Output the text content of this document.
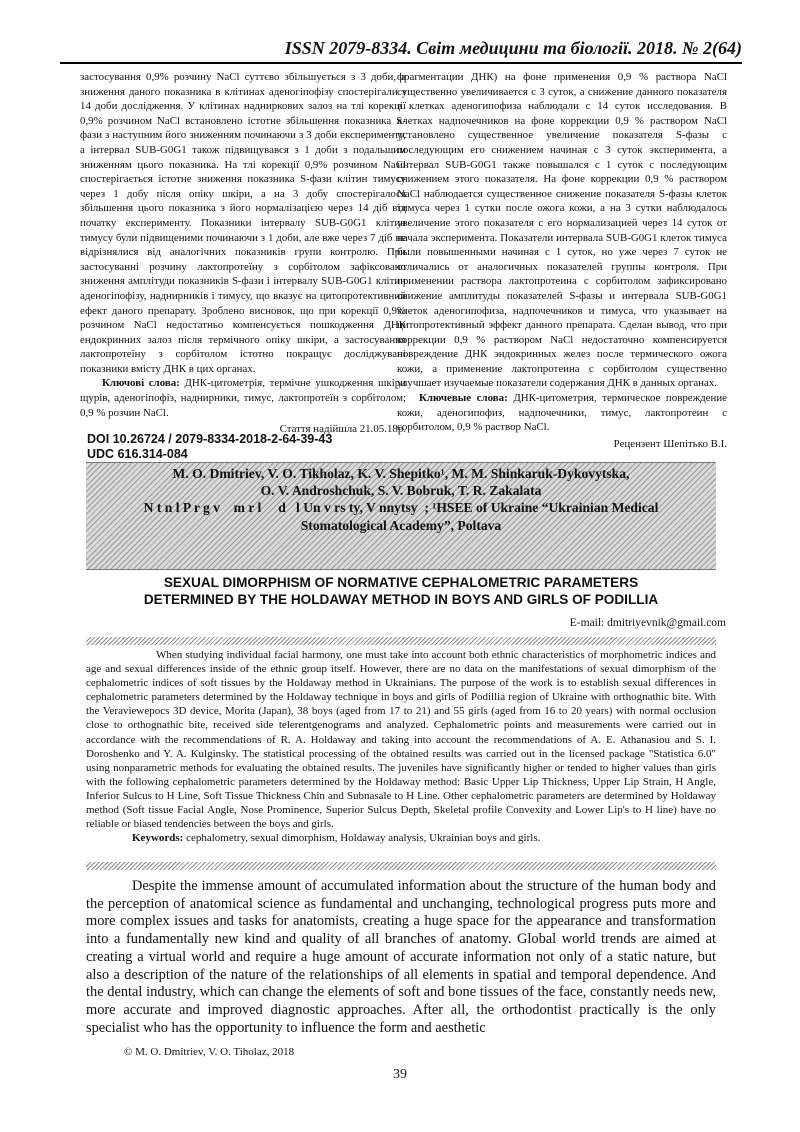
ISSN 2079-8334. Світ медицини та біології. 2018. № 2(64)

застосування 0,9% розчину NaCl суттєво збільшується з 3 доби, а зниження даного показника в клітинах аденогіпофізу спостерігали з 14 доби дослідження. У клітинах надниркових залоз на тлі корекції 0,9% розчином NaCl встановлено істотне збільшення показника S-фази з наступним його зниженням починаючи з 3 доби експерименту, а інтервал SUB-G0G1 також підвищувався з 1 доби з подальшим зниженням цього показника. На тлі корекції 0,9% розчином NaCl спостерігається істотне зниження показника S-фази клітин тимусу через 1 добу після опіку шкіри, а на 3 добу спостерігалося збільшення цього показника з його нормалізацією через 14 діб від початку експерименту. Показники інтервалу SUB-G0G1 клітин тимусу були підвищеними починаючи з 1 доби, але вже через 7 діб не відрізнялися від аналогічних показників групи контролю. При застосуванні розчину лактопротеїну з сорбітолом зафіксовано зниження амплітуди показників S-фази і інтервалу SUB-G0G1 клітин аденогіпофізу, наднирників і тимусу, що вказує на цитопротективний ефект даного препарату. Зроблено висновок, що при корекції 0,9% розчином NaCl недостатньо компенсується пошкодження ДНК ендокринних залоз після термічного опіку шкіри, а застосування лактопротеїну з сорбітолом істотно покращує досліджувані показники вмісту ДНК в цих органах.

Ключові слова: ДНК-цитометрія, термічне ушкодження шкіри щурів, аденогіпофіз, наднирники, тимус, лактопротеїн з сорбітолом; 0,9 % розчин NaCl.

Стаття надійшла 21.05.18р.

фрагментации ДНК) на фоне применения 0,9 % раствора NaCl существенно увеличивается с 3 суток, а снижение данного показателя в клетках аденогипофиза наблюдали с 14 суток исследования. В клетках надпочечников на фоне коррекции 0,9 % раствором NaCl установлено существенное увеличение показателя S-фазы с последующим его снижением начиная с 3 суток эксперимента, а интервал SUB-G0G1 также повышался с 1 суток с последующим снижением этого показателя. На фоне коррекции 0,9 % раствором NaCl наблюдается существенное снижение показателя S-фазы клеток тимуса через 1 сутки после ожога кожи, а на 3 сутки наблюдалось увеличение этого показателя с его нормализацией через 14 суток от начала эксперимента. Показатели интервала SUB-G0G1 клеток тимуса были повышенными начиная с 1 суток, но уже через 7 суток не отличались от аналогичных показателей группы контроля. При применении раствора лактопротеина с сорбитолом зафиксировано снижение амплитуды показателей S-фазы и интервала SUB-G0G1 клеток аденогипофиза, надпочечников и тимуса, что указывает на цитопротективный эффект данного препарата. Сделан вывод, что при коррекции 0,9 % раствором NaCl недостаточно компенсируется повреждение ДНК эндокринных желез после термического ожога кожи, а применение лактопротеина с сорбитолом существенно улучшает изучаемые показатели содержания ДНК в данных органах.

Ключевые слова: ДНК-цитометрия, термическое повреждение кожи, аденогипофиз, надпочечники, тимус, лактопротеин с сорбитолом, 0,9 % раствор NaCl.

Рецензент Шепітько В.І.

DOI 10.26724 / 2079-8334-2018-2-64-39-43
UDC 616.314-084
M. O. Dmitriev, V. O. Tikholaz, K. V. Shepitko¹, M. M. Shinkaruk-Dykovytska,
O. V. Androshchuk, S. V. Bobruk, T. R. Zakalata
N t n l P r g v    m r l     d   l Un v rs ty, V nnytsy  ; ¹HSEE of Ukraine “Ukrainian Medical
Stomatological Academy”, Poltava
SEXUAL DIMORPHISM OF NORMATIVE CEPHALOMETRIC PARAMETERS
DETERMINED BY THE HOLDAWAY METHOD IN BOYS AND GIRLS OF PODILLIA
E-mail: dmitriyevnik@gmail.com

When studying individual facial harmony, one must take into account both ethnic characteristics of morphometric indices and age and sexual differences inside of the ethnic group itself. However, there are no data on the manifestations of sexual dimorphism of the cephalometric indices of soft tissues by the Holdaway method in Ukrainians. The purpose of the work is to establish sexual differences in cephalometric parameters determined by the Holdaway technique in boys and girls of Podillia region of Ukraine with orthognathic bite. With the Veraviewepocs 3D device, Morita (Japan), 38 boys (aged from 17 to 21) and 55 girls (aged from 16 to 20 years) with normal occlusion close to orthognathic bite, received side telerentgenograms and analyzed. Cephalometric points and measurements were carried out in accordance with the recommendations of R. A. Holdaway and taking into account the recommendations of A. E. Athanasiou and S. I. Doroshenko and Y. A. Kulginsky. The statistical processing of the obtained results was carried out in the licensed package "Statistica 6.0" using nonparametric methods for evaluating the obtained results. The juveniles have significantly higher or tended to higher values than girls with the following cephalometric parameters determined by the Holdaway method: Basic Upper Lip Thickness, Upper Lip Strain, H Angle, Inferior Sulcus to H Line, Soft Tissue Thickness Chin and Subnasale to H Line. Other cephalometric parameters are determined by Holdaway method (Soft tissue Facial Angle, Nose Prominence, Superior Sulcus Depth, Skeletal profile Convexity and Lower Lip's to H line) have no reliable or biased tendencies between the boys and girls.

Keywords: cephalometry, sexual dimorphism, Holdaway analysis, Ukrainian boys and girls.

Despite the immense amount of accumulated information about the structure of the human body and the perception of anatomical science as fundamental and unchanging, technological progress puts more and more complex issues and tasks for anatomists, creating a huge space for the appearance and transformation into a fundamentally new kind and quality of all branches of anatomy. Global world trends are aimed at creating a virtual world and require a huge amount of accurate information not only of a static nature, but also a description of the nature of the relationships of all elements in spatial and temporal dependence. And the dental industry, which can change the elements of soft and bone tissues of the face, constantly needs new, more accurate and improved diagnostic approaches. After all, the orthodontist practically is the only specialist who has the opportunity to influence the form and aesthetic

© M. O. Dmitriev, V. O. Tiholaz, 2018
39
